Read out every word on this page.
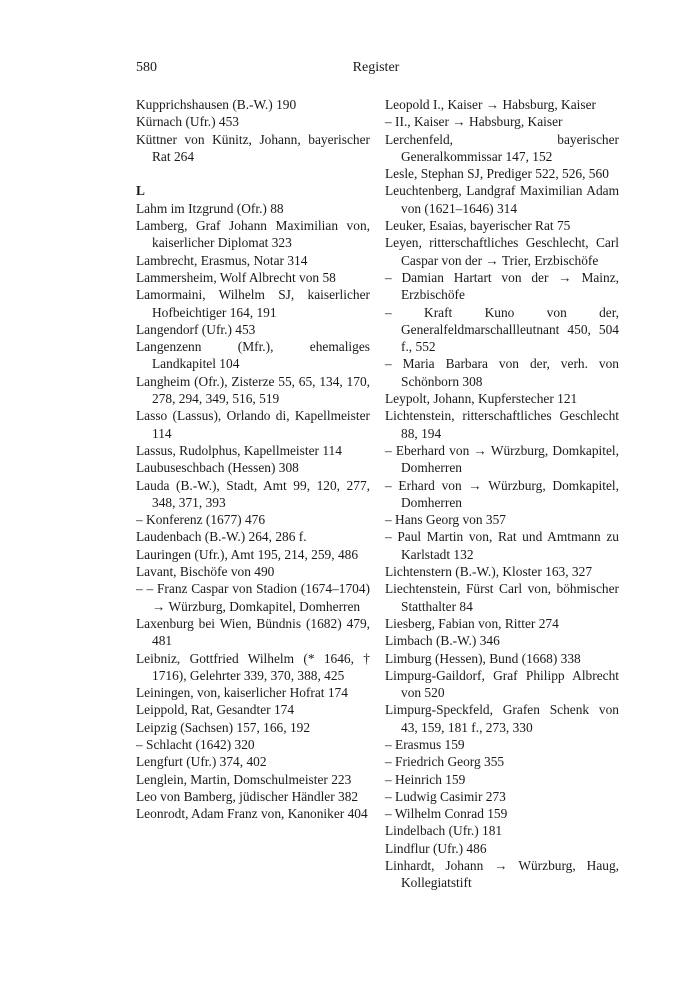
580	Register
Kupprichshausen (B.-W.) 190
Kürnach (Ufr.) 453
Küttner von Künitz, Johann, bayerischer Rat 264
L
Lahm im Itzgrund (Ofr.) 88
Lamberg, Graf Johann Maximilian von, kaiserlicher Diplomat 323
Lambrecht, Erasmus, Notar 314
Lammersheim, Wolf Albrecht von 58
Lamormaini, Wilhelm SJ, kaiserlicher Hofbeichtiger 164, 191
Langendorf (Ufr.) 453
Langenzenn (Mfr.), ehemaliges Landkapitel 104
Langheim (Ofr.), Zisterze 55, 65, 134, 170, 278, 294, 349, 516, 519
Lasso (Lassus), Orlando di, Kapellmeister 114
Lassus, Rudolphus, Kapellmeister 114
Laubuseschbach (Hessen) 308
Lauda (B.-W.), Stadt, Amt 99, 120, 277, 348, 371, 393
– Konferenz (1677) 476
Laudenbach (B.-W.) 264, 286 f.
Lauringen (Ufr.), Amt 195, 214, 259, 486
Lavant, Bischöfe von 490
– – Franz Caspar von Stadion (1674–1704) → Würzburg, Domkapitel, Domherren
Laxenburg bei Wien, Bündnis (1682) 479, 481
Leibniz, Gottfried Wilhelm (* 1646, † 1716), Gelehrter 339, 370, 388, 425
Leiningen, von, kaiserlicher Hofrat 174
Leippold, Rat, Gesandter 174
Leipzig (Sachsen) 157, 166, 192
– Schlacht (1642) 320
Lengfurt (Ufr.) 374, 402
Lenglein, Martin, Domschulmeister 223
Leo von Bamberg, jüdischer Händler 382
Leonrodt, Adam Franz von, Kanoniker 404
Leopold I., Kaiser → Habsburg, Kaiser
– II., Kaiser → Habsburg, Kaiser
Lerchenfeld, bayerischer Generalkommissar 147, 152
Lesle, Stephan SJ, Prediger 522, 526, 560
Leuchtenberg, Landgraf Maximilian Adam von (1621–1646) 314
Leuker, Esaias, bayerischer Rat 75
Leyen, ritterschaftliches Geschlecht, Carl Caspar von der → Trier, Erzbischöfe
– Damian Hartart von der → Mainz, Erzbischöfe
– Kraft Kuno von der, Generalfeldmarschallleutnant 450, 504 f., 552
– Maria Barbara von der, verh. von Schönborn 308
Leypolt, Johann, Kupferstecher 121
Lichtenstein, ritterschaftliches Geschlecht 88, 194
– Eberhard von → Würzburg, Domkapitel, Domherren
– Erhard von → Würzburg, Domkapitel, Domherren
– Hans Georg von 357
– Paul Martin von, Rat und Amtmann zu Karlstadt 132
Lichtenstern (B.-W.), Kloster 163, 327
Liechtenstein, Fürst Carl von, böhmischer Statthalter 84
Liesberg, Fabian von, Ritter 274
Limbach (B.-W.) 346
Limburg (Hessen), Bund (1668) 338
Limpurg-Gaildorf, Graf Philipp Albrecht von 520
Limpurg-Speckfeld, Grafen Schenk von 43, 159, 181 f., 273, 330
– Erasmus 159
– Friedrich Georg 355
– Heinrich 159
– Ludwig Casimir 273
– Wilhelm Conrad 159
Lindelbach (Ufr.) 181
Lindflur (Ufr.) 486
Linhardt, Johann → Würzburg, Haug, Kollegiatstift
